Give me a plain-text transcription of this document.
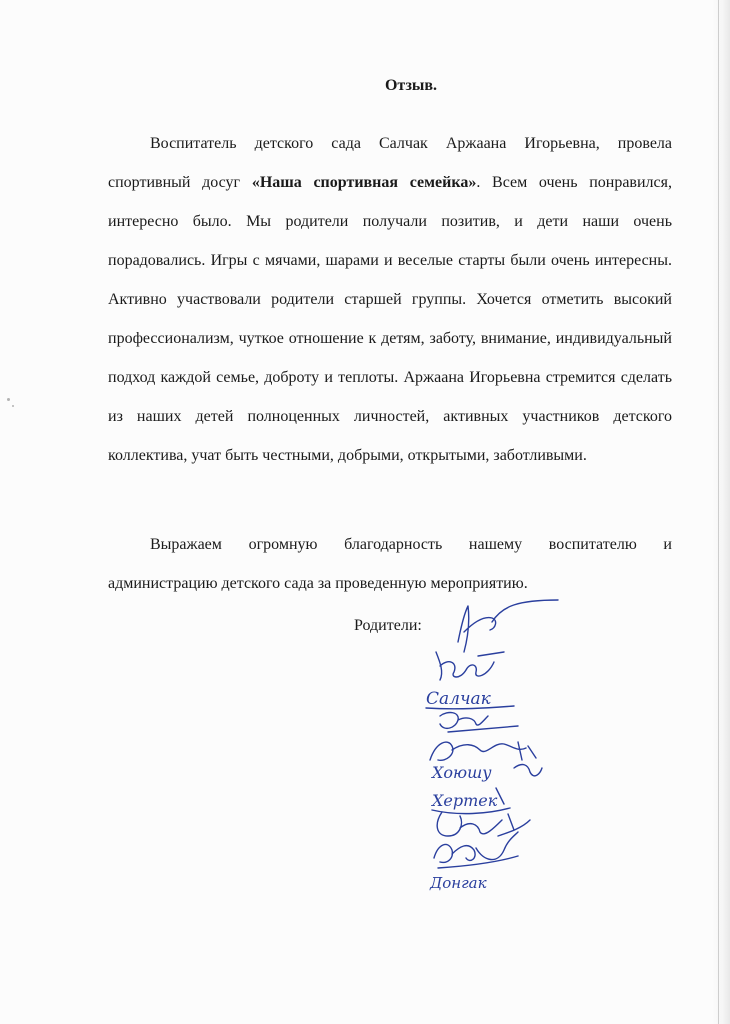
Отзыв.

Воспитатель детского сада Салчак Аржаана Игорьевна, провела спортивный досуг «Наша спортивная семейка». Всем очень понравился, интересно было. Мы родители получали позитив, и дети наши очень порадовались. Игры с мячами, шарами и веселые старты были очень интересны. Активно участвовали родители старшей группы. Хочется отметить высокий профессионализм, чуткое отношение к детям, заботу, внимание, индивидуальный подход каждой семье, доброту и теплоты. Аржаана Игорьевна стремится сделать из наших детей полноценных личностей, активных участников детского коллектива, учат быть честными, добрыми, открытыми, заботливыми.

Выражаем огромную благодарность нашему воспитателю и администрацию детского сада за проведенную мероприятию.

Родители:

Салчак
Хоюшу
Хертек
Донгак
